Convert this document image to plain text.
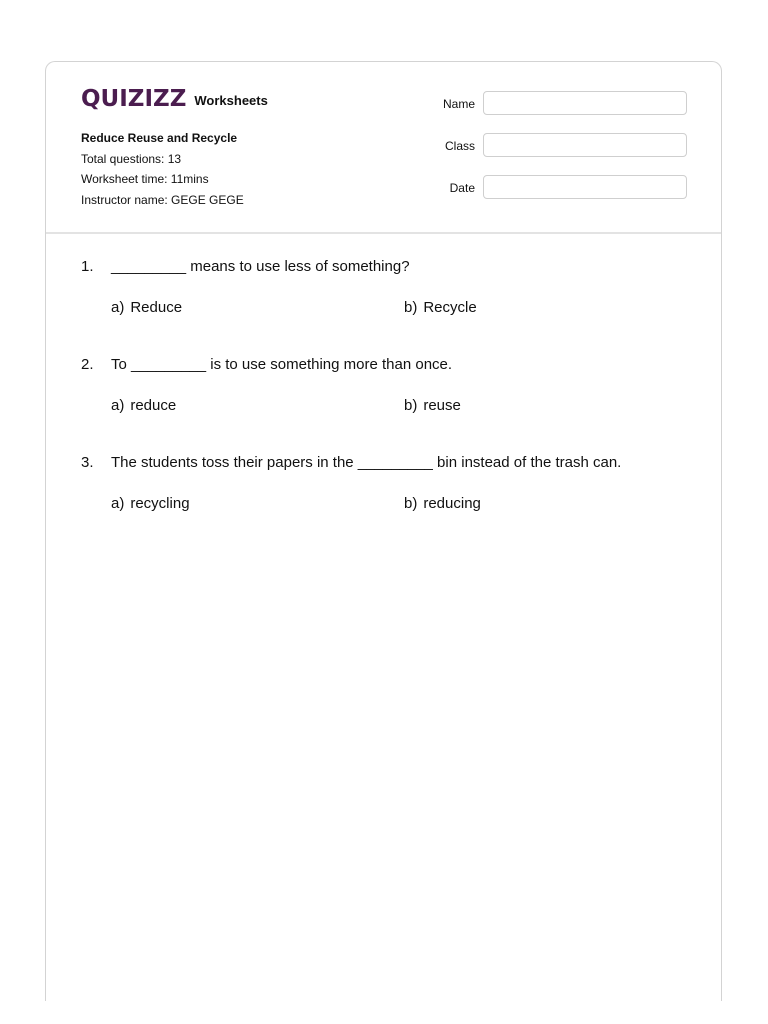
QUIZIZZ Worksheets
Reduce Reuse and Recycle
Total questions: 13
Worksheet time: 11mins
Instructor name: GEGE GEGE
Name
Class
Date
1. _________ means to use less of something?
a) Reduce	b) Recycle
2. To _________ is to use something more than once.
a) reduce	b) reuse
3. The students toss their papers in the _________ bin instead of the trash can.
a) recycling	b) reducing
